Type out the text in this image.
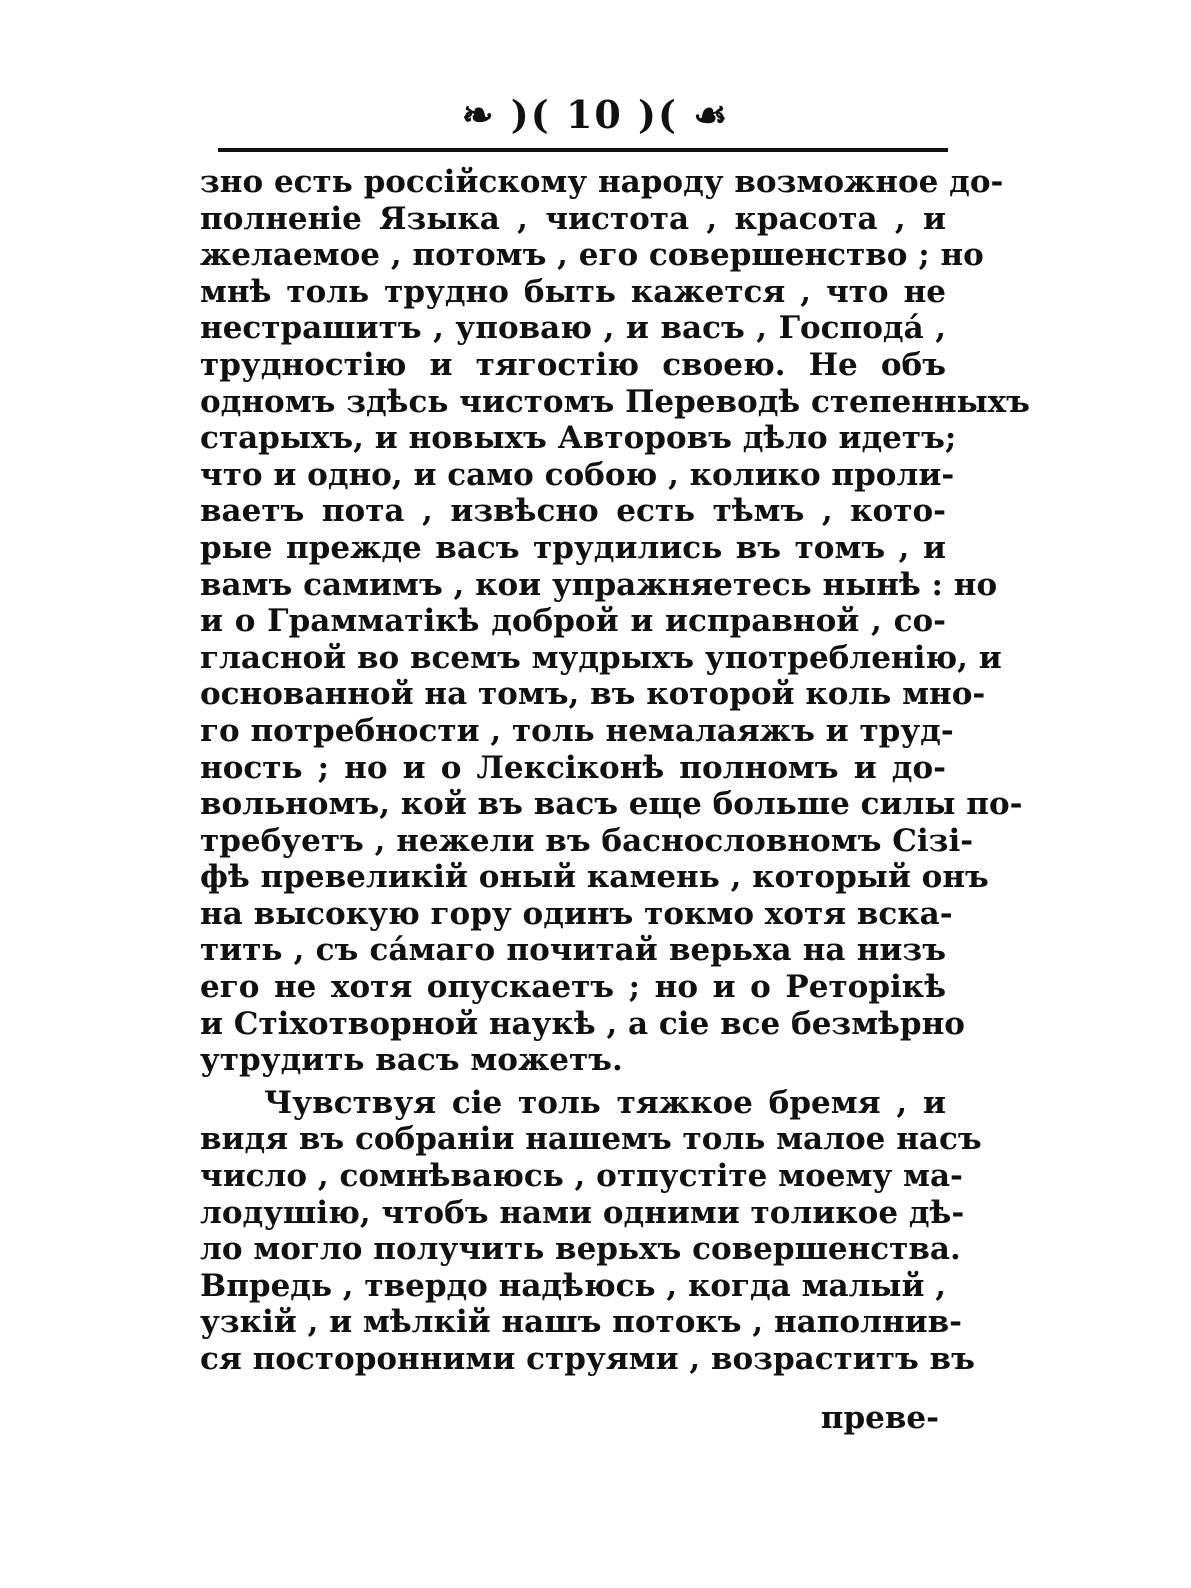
❧ )( 10 )( ☙
зно есть россійскому народу возможное до-
полненіе Языка , чистота , красота , и
желаемое , потомъ , его совершенство ; но
мнѣ толь трудно быть кажется , что не
нестрашитъ , уповаю , и васъ , Господа́ ,
трудностію и тягостію своею. Не объ
одномъ здѣсь чистомъ Переводѣ степенныхъ
старыхъ, и новыхъ Авторовъ дѣло идетъ;
что и одно, и само собою , колико проли-
ваетъ пота , извѣсно есть тѣмъ , кото-
рые прежде васъ трудились въ томъ , и
вамъ самимъ , кои упражняетесь нынѣ : но
и о Грамматікѣ доброй и исправной , со-
гласной во всемъ мудрыхъ употребленію, и
основанной на томъ, въ которой коль мно-
го потребности , толь немалаяжъ и труд-
ность ; но и о Лексіконѣ полномъ и до-
вольномъ, кой въ васъ еще больше силы по-
требуетъ , нежели въ баснословномъ Сізі-
фѣ превеликій оный камень , который онъ
на высокую гору одинъ токмо хотя вска-
тить , съ са́маго почитай верьха на низъ
его не хотя опускаетъ ; но и о Реторікѣ
и Стіхотворной наукѣ , а сіе все безмѣрно
утрудить васъ можетъ.
Чувствуя сіе толь тяжкое бремя , и
видя въ собраніи нашемъ толь малое насъ
число , сомнѣваюсь , отпустіте моему ма-
лодушію, чтобъ нами одними толикое дѣ-
ло могло получить верьхъ совершенства.
Впредь , твердо надѣюсь , когда малый ,
узкій , и мѣлкій нашъ потокъ , наполнив-
ся посторонними струями , возраститъ въ
преве-
